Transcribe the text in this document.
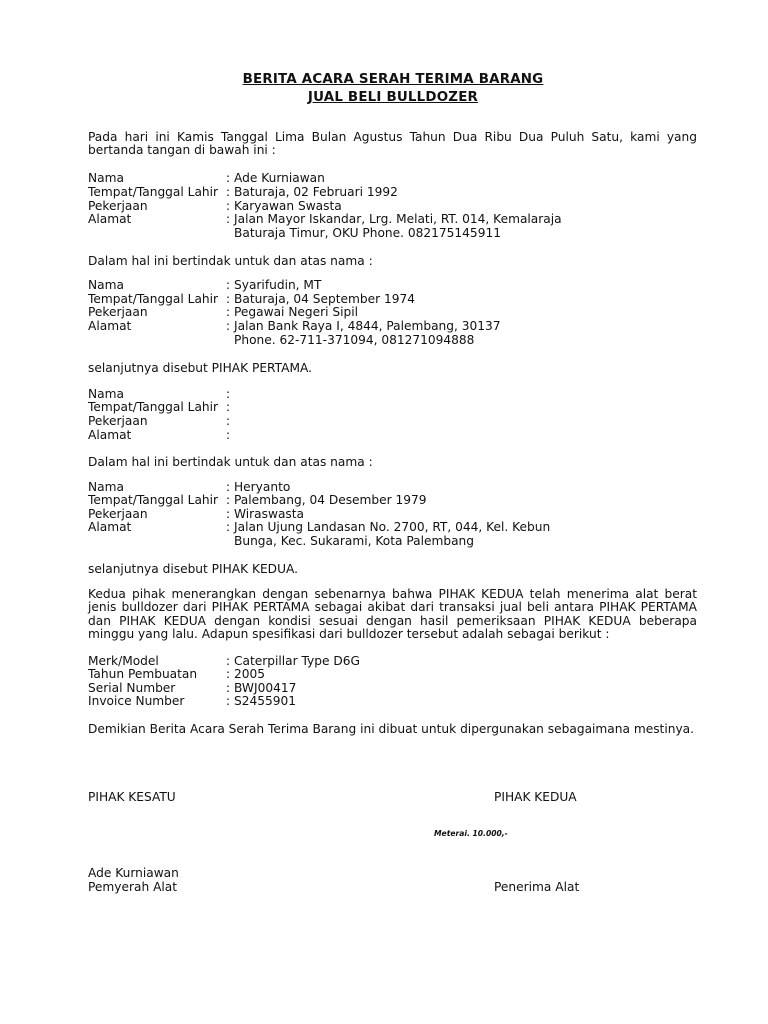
BERITA ACARA SERAH TERIMA BARANG
JUAL BELI BULLDOZER

Pada hari ini Kamis Tanggal Lima Bulan Agustus Tahun Dua Ribu Dua Puluh Satu, kami yang bertanda tangan di bawah ini :

Nama	: Ade Kurniawan
Tempat/Tanggal Lahir : Baturaja, 02 Februari 1992
Pekerjaan	: Karyawan Swasta
Alamat	: Jalan Mayor Iskandar, Lrg. Melati, RT. 014, Kemalaraja
Baturaja Timur, OKU Phone. 082175145911
Dalam hal ini bertindak untuk dan atas nama :
Nama	: Syarifudin, MT
Tempat/Tanggal Lahir : Baturaja, 04 September 1974
Pekerjaan	: Pegawai Negeri Sipil
Alamat	: Jalan Bank Raya I, 4844, Palembang, 30137
Phone. 62-711-371094, 081271094888
selanjutnya disebut PIHAK PERTAMA.
Nama	:
Tempat/Tanggal Lahir :
Pekerjaan	:
Alamat	:
Dalam hal ini bertindak untuk dan atas nama :
Nama	: Heryanto
Tempat/Tanggal Lahir : Palembang, 04 Desember 1979
Pekerjaan	: Wiraswasta
Alamat	: Jalan Ujung Landasan No. 2700, RT, 044, Kel. Kebun
Bunga, Kec. Sukarami, Kota Palembang
selanjutnya disebut PIHAK KEDUA.

Kedua pihak menerangkan dengan sebenarnya bahwa PIHAK KEDUA telah menerima alat berat jenis bulldozer dari PIHAK PERTAMA sebagai akibat dari transaksi jual beli antara PIHAK PERTAMA dan PIHAK KEDUA dengan kondisi sesuai dengan hasil pemeriksaan PIHAK KEDUA beberapa minggu yang lalu. Adapun spesifikasi dari bulldozer tersebut adalah sebagai berikut :

Merk/Model	: Caterpillar Type D6G
Tahun Pembuatan : 2005
Serial Number	: BWJ00417
Invoice Number	: S2455901
Demikian Berita Acara Serah Terima Barang ini dibuat untuk dipergunakan sebagaimana mestinya.
PIHAK KESATU	PIHAK KEDUA
Meterai. 10.000,-
Ade Kurniawan
Pemyerah Alat	Penerima Alat
